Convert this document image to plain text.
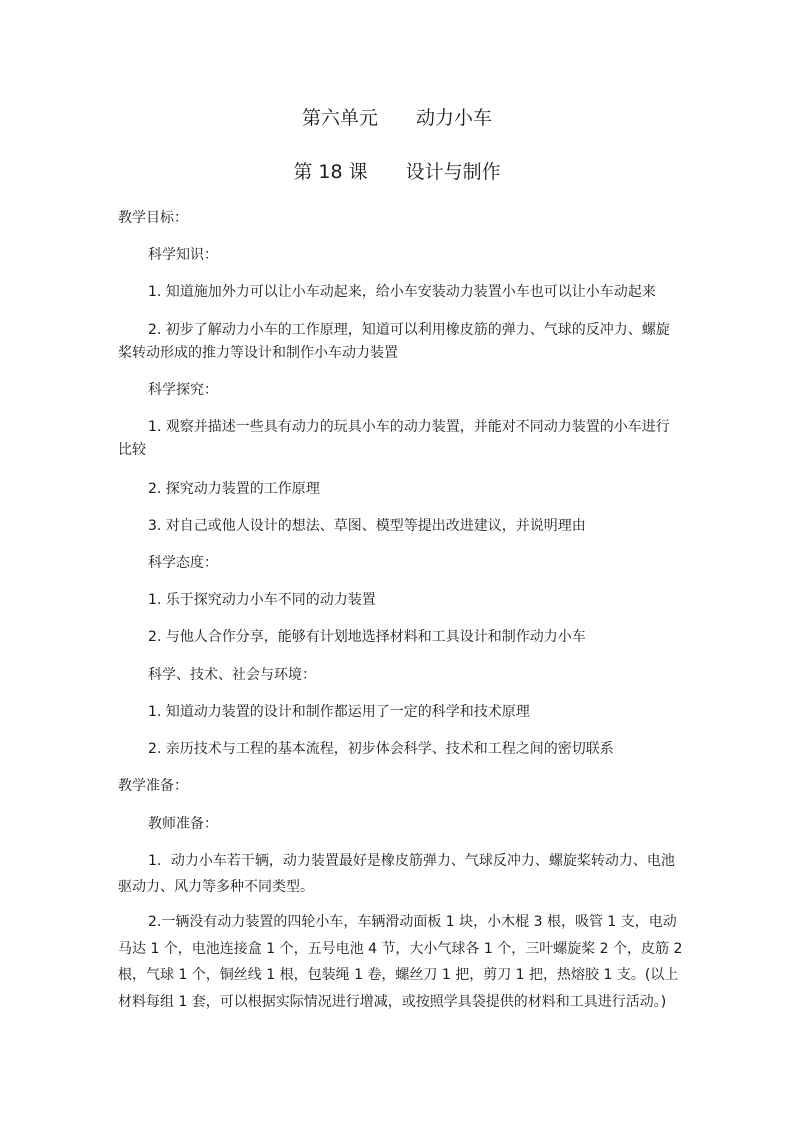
第六单元　　动力小车
第 18 课　　设计与制作
教学目标：
科学知识：
1. 知道施加外力可以让小车动起来，给小车安装动力装置小车也可以让小车动起来
2. 初步了解动力小车的工作原理，知道可以利用橡皮筋的弹力、气球的反冲力、螺旋桨转动形成的推力等设计和制作小车动力装置
科学探究：
1. 观察并描述一些具有动力的玩具小车的动力装置，并能对不同动力装置的小车进行比较
2. 探究动力装置的工作原理
3. 对自己或他人设计的想法、草图、模型等提出改进建议，并说明理由
科学态度：
1. 乐于探究动力小车不同的动力装置
2. 与他人合作分享，能够有计划地选择材料和工具设计和制作动力小车
科学、技术、社会与环境：
1. 知道动力装置的设计和制作都运用了一定的科学和技术原理
2. 亲历技术与工程的基本流程，初步体会科学、技术和工程之间的密切联系
教学准备：
教师准备：
1．动力小车若干辆，动力装置最好是橡皮筋弹力、气球反冲力、螺旋桨转动力、电池驱动力、风力等多种不同类型。
2.一辆没有动力装置的四轮小车，车辆滑动面板 1 块，小木棍 3 根，吸管 1 支，电动马达 1 个，电池连接盒 1 个，五号电池 4 节，大小气球各 1 个，三叶螺旋桨 2 个，皮筋 2 根，气球 1 个，铜丝线 1 根，包装绳 1 卷，螺丝刀 1 把，剪刀 1 把，热熔胶 1 支。(以上材料每组 1 套，可以根据实际情况进行增减，或按照学具袋提供的材料和工具进行活动。)
